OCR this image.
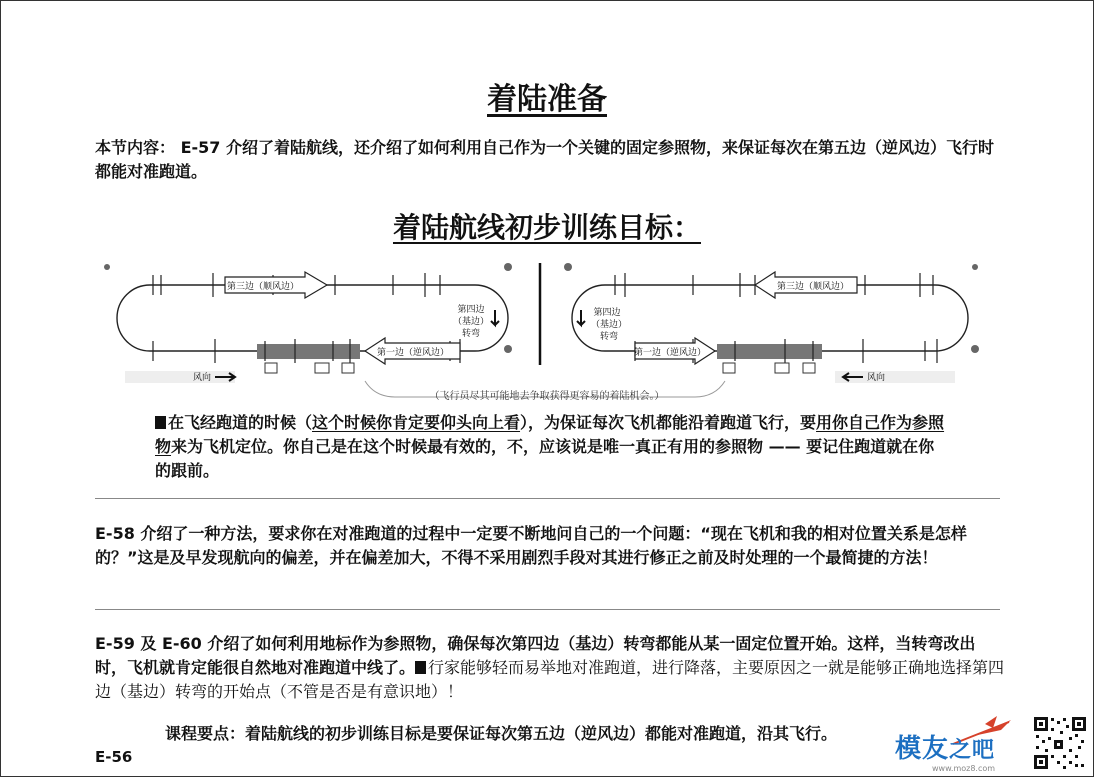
着陆准备
本节内容： E-57 介绍了着陆航线，还介绍了如何利用自己作为一个关键的固定参照物，来保证每次在第五边（逆风边）飞行时都能对准跑道。
着陆航线初步训练目标：
第三边（顺风边）
第一边（逆风边）
第四边
（基边）
转弯
风向
第三边（顺风边）
第一边（逆风边）
第四边
（基边）
转弯
风向
（飞行员尽其可能地去争取获得更容易的着陆机会。）
在飞经跑道的时候（这个时候你肯定要仰头向上看），为保证每次飞机都能沿着跑道飞行，要用你自己作为参照物来为飞机定位。你自己是在这个时候最有效的，不，应该说是唯一真正有用的参照物 —— 要记住跑道就在你的跟前。
E-58 介绍了一种方法，要求你在对准跑道的过程中一定要不断地问自己的一个问题：“现在飞机和我的相对位置关系是怎样的？”这是及早发现航向的偏差，并在偏差加大，不得不采用剧烈手段对其进行修正之前及时处理的一个最简捷的方法！
E-59 及 E-60 介绍了如何利用地标作为参照物，确保每次第四边（基边）转弯都能从某一固定位置开始。这样，当转弯改出时，飞机就肯定能很自然地对准跑道中线了。 行家能够轻而易举地对准跑道，进行降落，主要原因之一就是能够正确地选择第四边（基边）转弯的开始点（不管是否是有意识地）！
课程要点：着陆航线的初步训练目标是要保证每次第五边（逆风边）都能对准跑道，沿其飞行。
E-56	模友之吧
www.moz8.com
